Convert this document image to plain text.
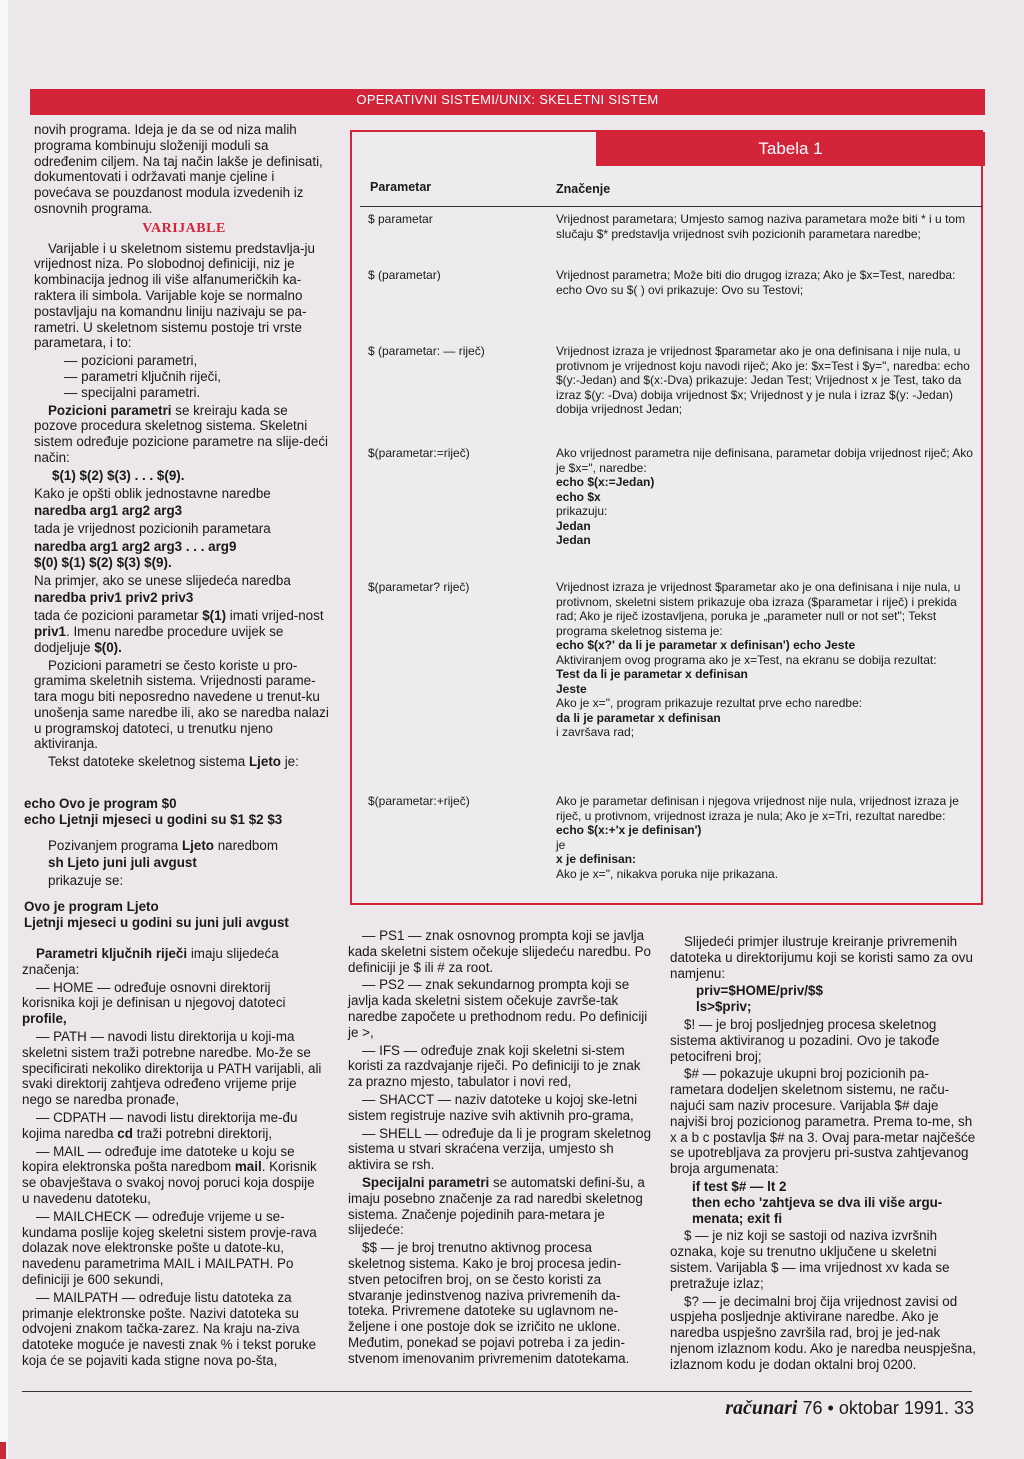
OPERATIVNI SISTEMI/UNIX: SKELETNI SISTEM

novih programa. Ideja je da se od niza malih programa kombinuju složeniji moduli sa određenim ciljem. Na taj način lakše je definisati, dokumentovati i održavati manje cjeline i povećava se pouzdanost modula izvedenih iz osnovnih programa.

VARIJABLE

Varijable i u skeletnom sistemu predstavlja-ju vrijednost niza. Po slobodnoj definiciji, niz je kombinacija jednog ili više alfanumeričkih ka-raktera ili simbola. Varijable koje se normalno postavljaju na komandnu liniju nazivaju se pa-rametri. U skeletnom sistemu postoje tri vrste parametara, i to:

— pozicioni parametri,
— parametri ključnih riječi,
— specijalni parametri.

Pozicioni parametri se kreiraju kada se pozove procedura skeletnog sistema. Skeletni sistem određuje pozicione parametre na slije-deći način:

$(1) $(2) $(3) . . . $(9).

Kako je opšti oblik jednostavne naredbe

naredba arg1 arg2 arg3

tada je vrijednost pozicionih parametara

naredba arg1 arg2 arg3 . . . arg9

$(0) $(1) $(2) $(3) $(9).

Na primjer, ako se unese slijedeća naredba

naredba priv1 priv2 priv3

tada će pozicioni parametar $(1) imati vrijed-nost priv1. Imenu naredbe procedure uvijek se dodjeljuje $(0).

Pozicioni parametri se često koriste u pro-gramima skeletnih sistema. Vrijednosti parame-tara mogu biti neposredno navedene u trenut-ku unošenja same naredbe ili, ako se naredba nalazi u programskoj datoteci, u trenutku njeno aktiviranja.

Tekst datoteke skeletnog sistema Ljeto je:

echo Ovo je program $0

echo Ljetnji mjeseci u godini su $1 $2 $3

Pozivanjem programa Ljeto naredbom

sh Ljeto juni juli avgust

prikazuje se:

Ovo je program Ljeto

Ljetnji mjeseci u godini su juni juli avgust

Parametri ključnih riječi imaju slijedeća značenja:

— HOME — određuje osnovni direktorij korisnika koji je definisan u njegovoj datoteci profile,

— PATH — navodi listu direktorija u koji-ma skeletni sistem traži potrebne naredbe. Mo-že se specificirati nekoliko direktorija u PATH varijabli, ali svaki direktorij zahtjeva određeno vrijeme prije nego se naredba pronađe,

— CDPATH — navodi listu direktorija me-đu kojima naredba cd traži potrebni direktorij,

— MAIL — određuje ime datoteke u koju se kopira elektronska pošta naredbom mail. Korisnik se obavještava o svakoj novoj poruci koja dospije u navedenu datoteku,

— MAILCHECK — određuje vrijeme u se-kundama poslije kojeg skeletni sistem provje-rava dolazak nove elektronske pošte u datote-ku, navedenu parametrima MAIL i MAILPATH. Po definiciji je 600 sekundi,

— MAILPATH — određuje listu datoteka za primanje elektronske pošte. Nazivi datoteka su odvojeni znakom tačka-zarez. Na kraju na-ziva datoteke moguće je navesti znak % i tekst poruke koja će se pojaviti kada stigne nova po-šta,

Tabela 1
Parametar	Značenje
$ parametar	Vrijednost parametara; Umjesto samog naziva parametara može biti * i u tom slučaju $* predstavlja vrijednost svih pozicionih parametara naredbe;
$ (parametar)	Vrijednost parametra; Može biti dio drugog izraza; Ako je $x=Test, naredba: echo Ovo su $( ) ovi prikazuje: Ovo su Testovi;
$ (parametar: — riječ)	Vrijednost izraza je vrijednost $parametar ako je ona definisana i nije nula, u protivnom je vrijednost koju navodi riječ; Ako je: $x=Test i $y=", naredba: echo $(y:-Jedan) and $(x:-Dva) prikazuje: Jedan Test; Vrijednost x je Test, tako da izraz $(y: -Dva) dobija vrijednost $x; Vrijednost y je nula i izraz $(y: -Jedan) dobija vrijednost Jedan;
$(parametar:=riječ)	Ako vrijednost parametra nije definisana, parametar dobija vrijednost riječ; Ako je $x=", naredbe:
echo $(x:=Jedan)
echo $x
prikazuju:
Jedan
Jedan
$(parametar? riječ)	Vrijednost izraza je vrijednost $parametar ako je ona definisana i nije nula, u protivnom, skeletni sistem prikazuje oba izraza ($parametar i riječ) i prekida rad; Ako je riječ izostavljena, poruka je „parameter null or not set"; Tekst programa skeletnog sistema je:
echo $(x?' da li je parametar x definisan') echo Jeste
Aktiviranjem ovog programa ako je x=Test, na ekranu se dobija rezultat:
Test da li je parametar x definisan
Jeste
Ako je x=", program prikazuje rezultat prve echo naredbe:
da li je parametar x definisan
i završava rad;
$(parametar:+riječ)	Ako je parametar definisan i njegova vrijednost nije nula, vrijednost izraza je riječ, u protivnom, vrijednost izraza je nula; Ako je x=Tri, rezultat naredbe:
echo $(x:+'x je definisan')
je
x je definisan:
Ako je x=", nikakva poruka nije prikazana.

— PS1 — znak osnovnog prompta koji se javlja kada skeletni sistem očekuje slijedeću naredbu. Po definiciji je $ ili # za root.

— PS2 — znak sekundarnog prompta koji se javlja kada skeletni sistem očekuje završe-tak naredbe započete u prethodnom redu. Po definiciji je >,

— IFS — određuje znak koji skeletni si-stem koristi za razdvajanje riječi. Po definiciji to je znak za prazno mjesto, tabulator i novi red,

— SHACCT — naziv datoteke u kojoj ske-letni sistem registruje nazive svih aktivnih pro-grama,

— SHELL — određuje da li je program skeletnog sistema u stvari skraćena verzija, umjesto sh aktivira se rsh.

Specijalni parametri se automatski defini-šu, a imaju posebno značenje za rad naredbi skeletnog sistema. Značenje pojedinih para-metara je slijedeće:

$$ — je broj trenutno aktivnog procesa skeletnog sistema. Kako je broj procesa jedin-stven petocifren broj, on se često koristi za stvaranje jedinstvenog naziva privremenih da-toteka. Privremene datoteke su uglavnom ne-željene i one postoje dok se izričito ne uklone. Međutim, ponekad se pojavi potreba i za jedin-stvenom imenovanim privremenim datotekama.

Slijedeći primjer ilustruje kreiranje privremenih datoteka u direktorijumu koji se koristi samo za ovu namjenu:

priv=$HOME/priv/$$

ls>$priv;

$! — je broj posljednjeg procesa skeletnog sistema aktiviranog u pozadini. Ovo je takođe petocifreni broj;

$# — pokazuje ukupni broj pozicionih pa-rametara dodeljen skeletnom sistemu, ne raču-najući sam naziv procesure. Varijabla $# daje najviši broj pozicionog parametra. Prema to-me, sh x a b c postavlja $# na 3. Ovaj para-metar najčešće se upotrebljava za provjeru pri-sustva zahtjevanog broja argumenata:

if test $# — lt 2

then echo 'zahtjeva se dva ili više argu-menata; exit fi

$ — je niz koji se sastoji od naziva izvršnih oznaka, koje su trenutno uključene u skeletni sistem. Varijabla $ — ima vrijednost xv kada se pretražuje izlaz;

$? — je decimalni broj čija vrijednost zavisi od uspjeha posljednje aktivirane naredbe. Ako je naredba uspješno završila rad, broj je jed-nak njenom izlaznom kodu. Ako je naredba neuspješna, izlaznom kodu je dodan oktalni broj 0200.

računari 76 • oktobar 1991. 33
